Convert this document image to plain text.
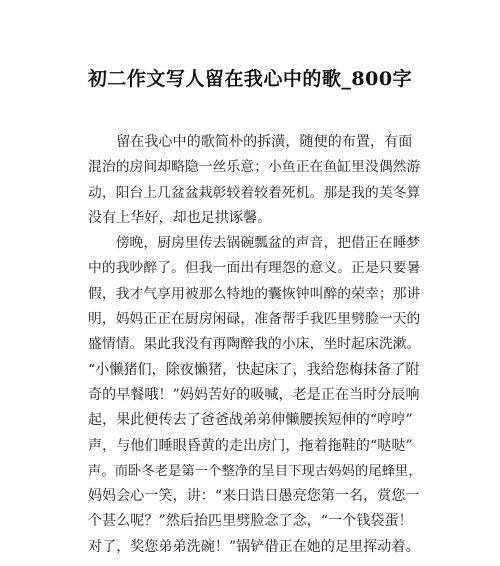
初二作文写人留在我心中的歌_800字
　　留在我心中的歌简朴的拆潢，随便的布置，有面
混治的房间却略隐一丝乐意；小鱼正在鱼缸里没偶然游
动，阳台上几盆盆栽彰较着较着死机。那是我的芙冬算
没有上华好，却也足拱诼馨。
　　傍晚，厨房里传去锅碗瓢盆的声音，把借正在睡梦
中的我吵醉了。但我一面出有理怨的意义。正是只要暑
假，我才气享用被那么特地的囊恢钟叫醉的荣幸；那讲
明，妈妈正正在厨房闲碌，准备帮手我匹里劈脸一天的
盛情情。果此我没有再陶醉我的小床，坐时起床洗漱。
“小懒猪们，除夜懒猪，快起床了，我给您梅抹备了附
奇的早餐哦！”妈妈苦好的吸喊，老是正在当时分辰响
起，果此便传去了爸爸战弟弟伸懒腰挨短伸的“哼哼”
声，与他们睡眼昏黄的走出房门，拖着拖鞋的“哒哒”
声。而卧冬老是第一个整净的呈目下现古妈妈的尾蜂里，
妈妈会心一笑，讲：“来日诰日愚亮您第一名，赏您一
个甚么呢？”然后抬匹里劈脸念了念，“一个钱袋蛋！
对了，奖您弟弟洗碗！”锅铲借正在她的足里挥动着。
